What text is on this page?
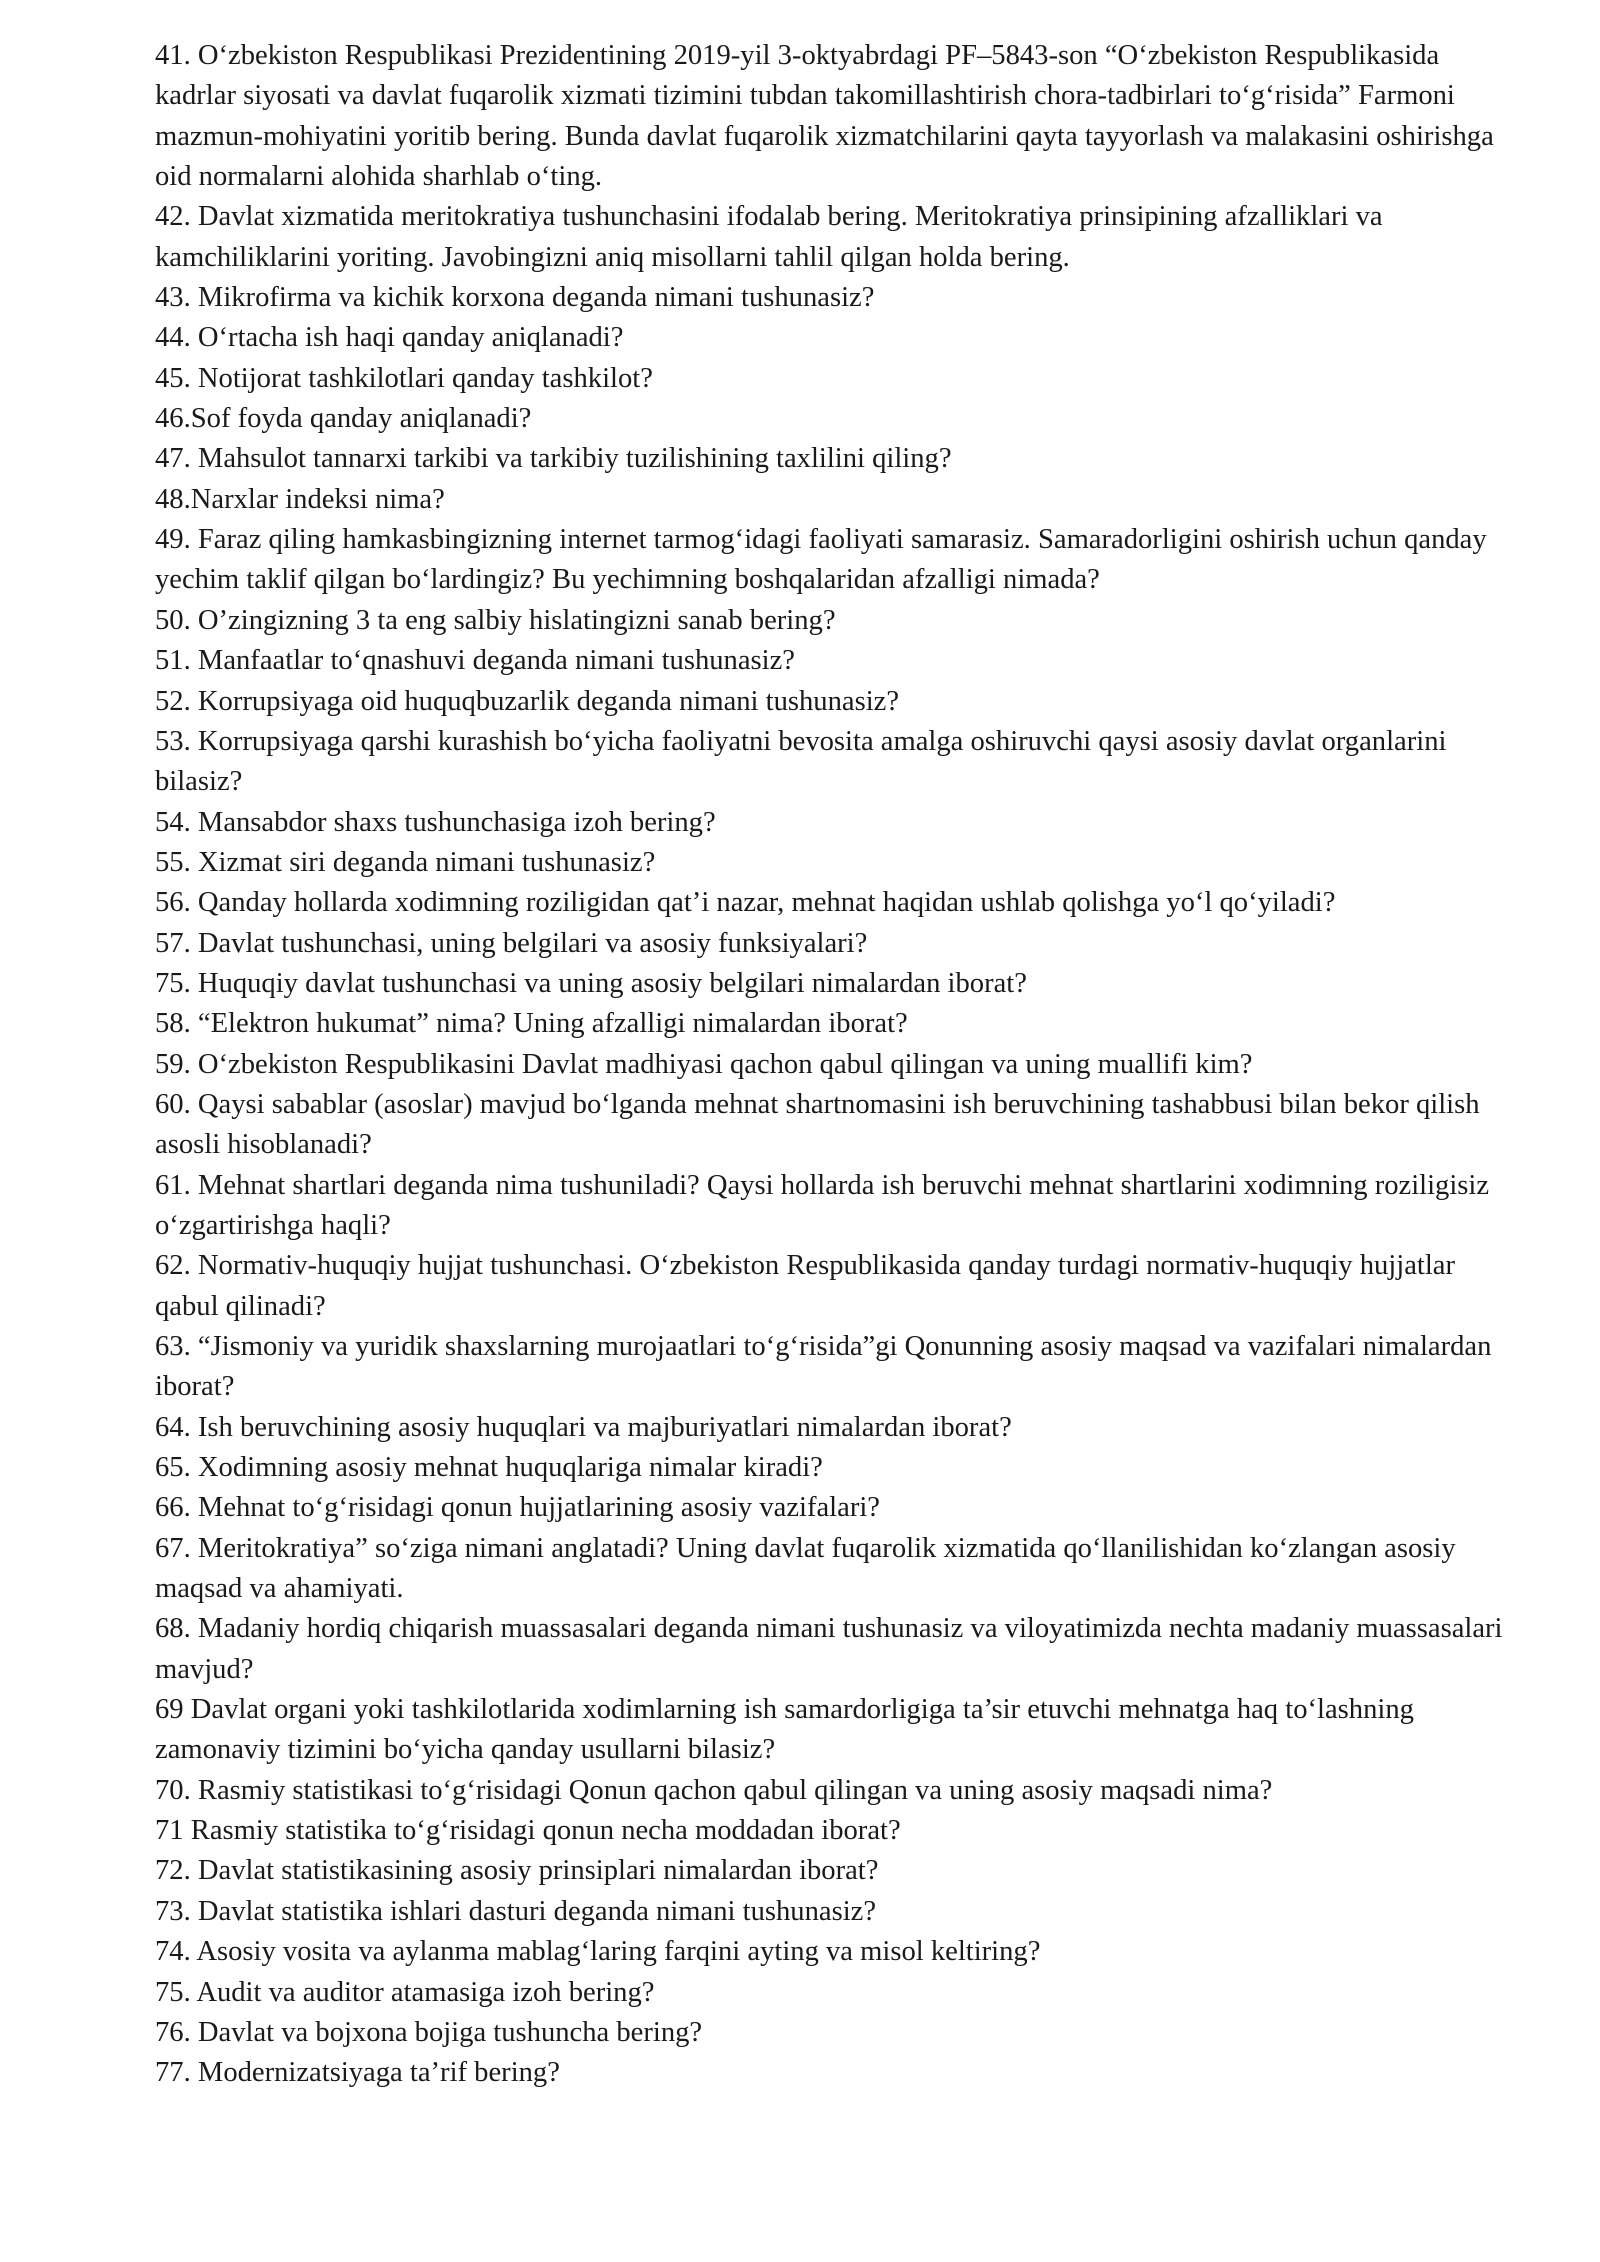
41. O‘zbekiston Respublikasi Prezidentining 2019-yil 3-oktyabrdagi PF–5843-son “O‘zbekiston Respublikasida kadrlar siyosati va davlat fuqarolik xizmati tizimini tubdan takomillashtirish chora-tadbirlari to‘g‘risida” Farmoni mazmun-mohiyatini yoritib bering. Bunda davlat fuqarolik xizmatchilarini qayta tayyorlash va malakasini oshirishga oid normalarni alohida sharhlab o‘ting.

42. Davlat xizmatida meritokratiya tushunchasini ifodalab bering. Meritokratiya prinsipining afzalliklari va kamchiliklarini yoriting. Javobingizni aniq misollarni tahlil qilgan holda bering.

43. Mikrofirma va kichik korxona deganda nimani tushunasiz?

44. O‘rtacha ish haqi qanday aniqlanadi?

45. Notijorat tashkilotlari qanday tashkilot?

46.Sof foyda qanday aniqlanadi?

47. Mahsulot tannarxi tarkibi va tarkibiy tuzilishining taxlilini qiling?

48.Narxlar indeksi nima?

49. Faraz qiling hamkasbingizning internet tarmog‘idagi faoliyati samarasiz. Samaradorligini oshirish uchun qanday yechim taklif qilgan bo‘lardingiz? Bu yechimning boshqalaridan afzalligi nimada?

50. O’zingizning 3 ta eng salbiy hislatingizni sanab bering?

51. Manfaatlar to‘qnashuvi deganda nimani tushunasiz?

52. Korrupsiyaga oid huquqbuzarlik deganda nimani tushunasiz?

53. Korrupsiyaga qarshi kurashish bo‘yicha faoliyatni bevosita amalga oshiruvchi qaysi asosiy davlat organlarini bilasiz?

54. Mansabdor shaxs tushunchasiga izoh bering?

55. Xizmat siri deganda nimani tushunasiz?

56. Qanday hollarda xodimning roziligidan qat’i nazar, mehnat haqidan ushlab qolishga yo‘l qo‘yiladi?

57. Davlat tushunchasi, uning belgilari va asosiy funksiyalari?

75. Huquqiy davlat tushunchasi va uning asosiy belgilari nimalardan iborat?

58. “Elektron hukumat” nima? Uning afzalligi nimalardan iborat?

59. O‘zbekiston Respublikasini Davlat madhiyasi qachon qabul qilingan va uning muallifi kim?

60. Qaysi sabablar (asoslar) mavjud bo‘lganda mehnat shartnomasini ish beruvchining tashabbusi bilan bekor qilish asosli hisoblanadi?

61. Mehnat shartlari deganda nima tushuniladi? Qaysi hollarda ish beruvchi mehnat shartlarini xodimning roziligisiz o‘zgartirishga haqli?

62. Normativ-huquqiy hujjat tushunchasi. O‘zbekiston Respublikasida qanday turdagi normativ-huquqiy hujjatlar qabul qilinadi?

63. “Jismoniy va yuridik shaxslarning murojaatlari to‘g‘risida”gi Qonunning asosiy maqsad va vazifalari nimalardan iborat?

64. Ish beruvchining asosiy huquqlari va majburiyatlari nimalardan iborat?

65. Xodimning asosiy mehnat huquqlariga nimalar kiradi?

66. Mehnat to‘g‘risidagi qonun hujjatlarining asosiy vazifalari?

67. Meritokratiya” so‘ziga nimani anglatadi? Uning davlat fuqarolik xizmatida qo‘llanilishidan ko‘zlangan asosiy maqsad va ahamiyati.

68. Madaniy hordiq chiqarish muassasalari deganda nimani tushunasiz va viloyatimizda nechta madaniy muassasalari mavjud?

69 Davlat organi yoki tashkilotlarida xodimlarning ish samardorligiga ta’sir etuvchi mehnatga haq to‘lashning zamonaviy tizimini bo‘yicha qanday usullarni bilasiz?

70. Rasmiy statistikasi to‘g‘risidagi Qonun qachon qabul qilingan va uning asosiy maqsadi nima?

71 Rasmiy statistika to‘g‘risidagi qonun necha moddadan iborat?

72. Davlat statistikasining asosiy prinsiplari nimalardan iborat?

73. Davlat statistika ishlari dasturi deganda nimani tushunasiz?

74. Asosiy vosita va aylanma mablag‘laring farqini ayting va misol keltiring?

75. Audit va auditor atamasiga izoh bering?

76. Davlat va bojxona bojiga tushuncha bering?

77. Modernizatsiyaga ta’rif bering?
